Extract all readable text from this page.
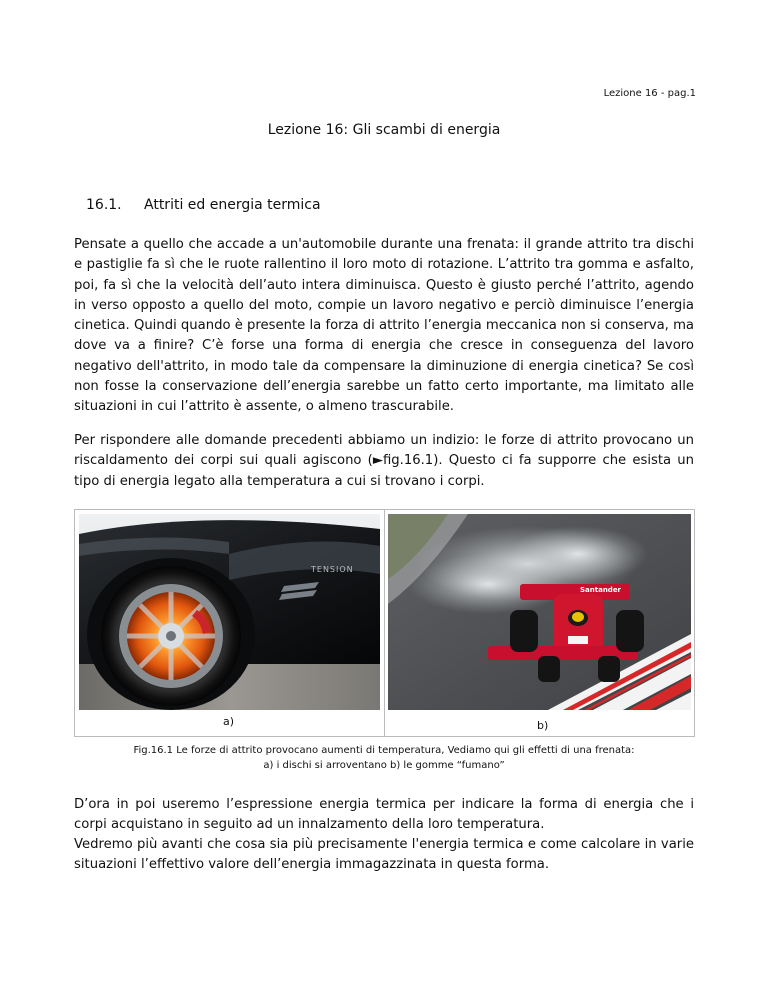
Lezione 16 - pag.1
Lezione 16: Gli scambi di energia
16.1. Attriti ed energia termica

Pensate a quello che accade a un'automobile durante una frenata: il grande attrito tra dischi e pastiglie fa sì che le ruote rallentino il loro moto di rotazione. L’attrito tra gomma e asfalto, poi, fa sì che la velocità dell’auto intera diminuisca. Questo è giusto perché l’attrito, agendo in verso opposto a quello del moto, compie un lavoro negativo e perciò diminuisce l’energia cinetica. Quindi quando è presente la forza di attrito l’energia meccanica non si conserva, ma dove va a finire? C’è forse una forma di energia che cresce in conseguenza del lavoro negativo dell'attrito, in modo tale da compensare la diminuzione di energia cinetica? Se così non fosse la conservazione dell’energia sarebbe un fatto certo importante, ma limitato alle situazioni in cui l’attrito è assente, o almeno trascurabile.

Per rispondere alle domande precedenti abbiamo un indizio: le forze di attrito provocano un riscaldamento dei corpi sui quali agiscono (►fig.16.1). Questo ci fa supporre che esista un tipo di energia legato alla temperatura a cui si trovano i corpi.

TENSION
a)
Santander
b)
Fig.16.1 Le forze di attrito provocano aumenti di temperatura, Vediamo qui gli effetti di una frenata:
a) i dischi si arroventano b) le gomme “fumano”

D’ora in poi useremo l’espressione energia termica per indicare la forma di energia che i corpi acquistano in seguito ad un innalzamento della loro temperatura.

Vedremo più avanti che cosa sia più precisamente l'energia termica e come calcolare in varie situazioni l’effettivo valore dell’energia immagazzinata in questa forma.
